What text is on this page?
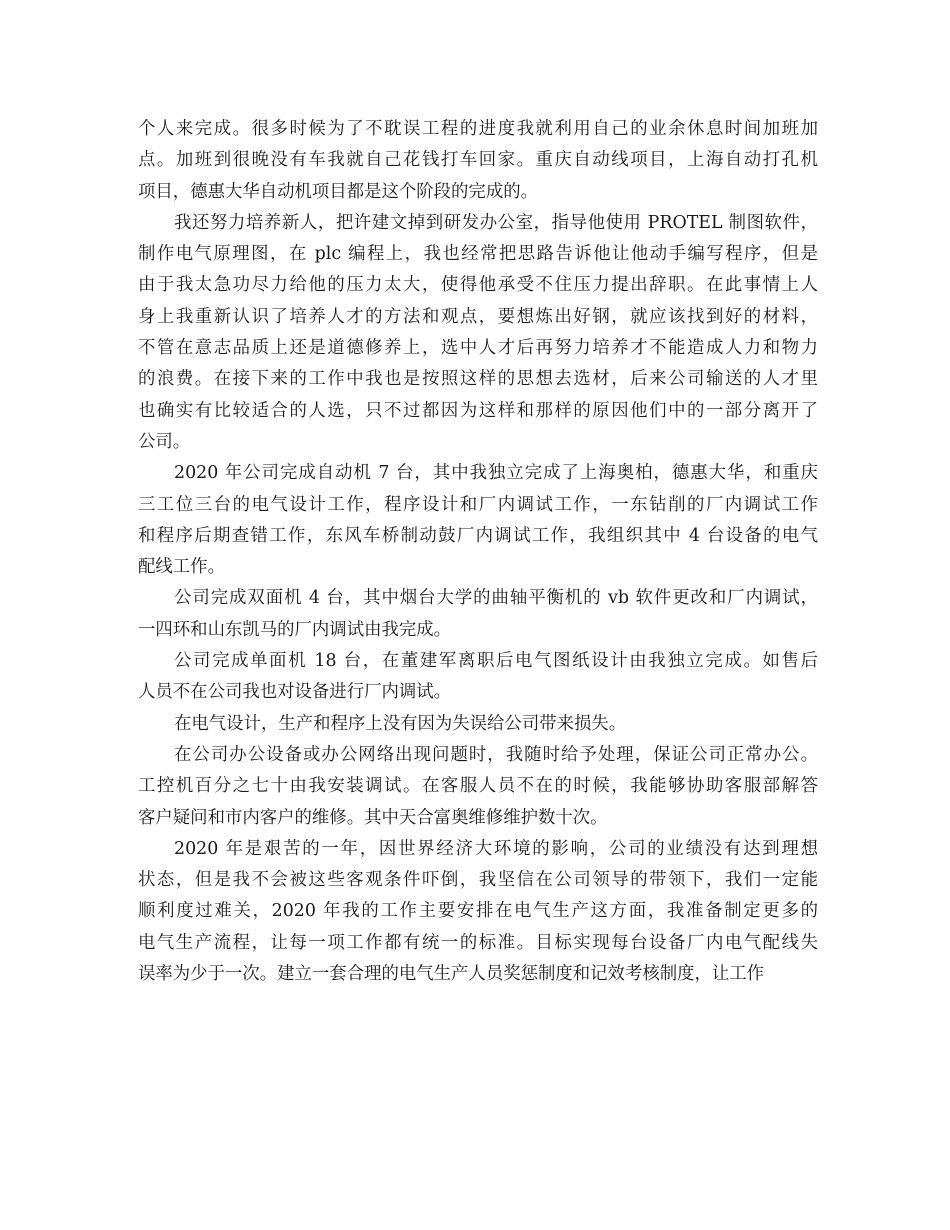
个人来完成。很多时候为了不耽误工程的进度我就利用自己的业余休息时间加班加
点。加班到很晚没有车我就自己花钱打车回家。重庆自动线项目，上海自动打孔机
项目，德惠大华自动机项目都是这个阶段的完成的。
我还努力培养新人，把许建文掉到研发办公室，指导他使用 PROTEL 制图软件，
制作电气原理图，在 plc 编程上，我也经常把思路告诉他让他动手编写程序，但是
由于我太急功尽力给他的压力太大，使得他承受不住压力提出辞职。在此事情上人
身上我重新认识了培养人才的方法和观点，要想炼出好钢，就应该找到好的材料，
不管在意志品质上还是道德修养上，选中人才后再努力培养才不能造成人力和物力
的浪费。在接下来的工作中我也是按照这样的思想去选材，后来公司输送的人才里
也确实有比较适合的人选，只不过都因为这样和那样的原因他们中的一部分离开了
公司。
2020 年公司完成自动机 7 台，其中我独立完成了上海奥柏，德惠大华，和重庆
三工位三台的电气设计工作，程序设计和厂内调试工作，一东钻削的厂内调试工作
和程序后期查错工作，东风车桥制动鼓厂内调试工作，我组织其中 4 台设备的电气
配线工作。
公司完成双面机 4 台，其中烟台大学的曲轴平衡机的 vb 软件更改和厂内调试，
一四环和山东凯马的厂内调试由我完成。
公司完成单面机 18 台，在董建军离职后电气图纸设计由我独立完成。如售后
人员不在公司我也对设备进行厂内调试。
在电气设计，生产和程序上没有因为失误给公司带来损失。
在公司办公设备或办公网络出现问题时，我随时给予处理，保证公司正常办公。
工控机百分之七十由我安装调试。在客服人员不在的时候，我能够协助客服部解答
客户疑问和市内客户的维修。其中天合富奥维修维护数十次。
2020 年是艰苦的一年，因世界经济大环境的影响，公司的业绩没有达到理想
状态，但是我不会被这些客观条件吓倒，我坚信在公司领导的带领下，我们一定能
顺利度过难关，2020 年我的工作主要安排在电气生产这方面，我准备制定更多的
电气生产流程，让每一项工作都有统一的标准。目标实现每台设备厂内电气配线失
误率为少于一次。建立一套合理的电气生产人员奖惩制度和记效考核制度，让工作
